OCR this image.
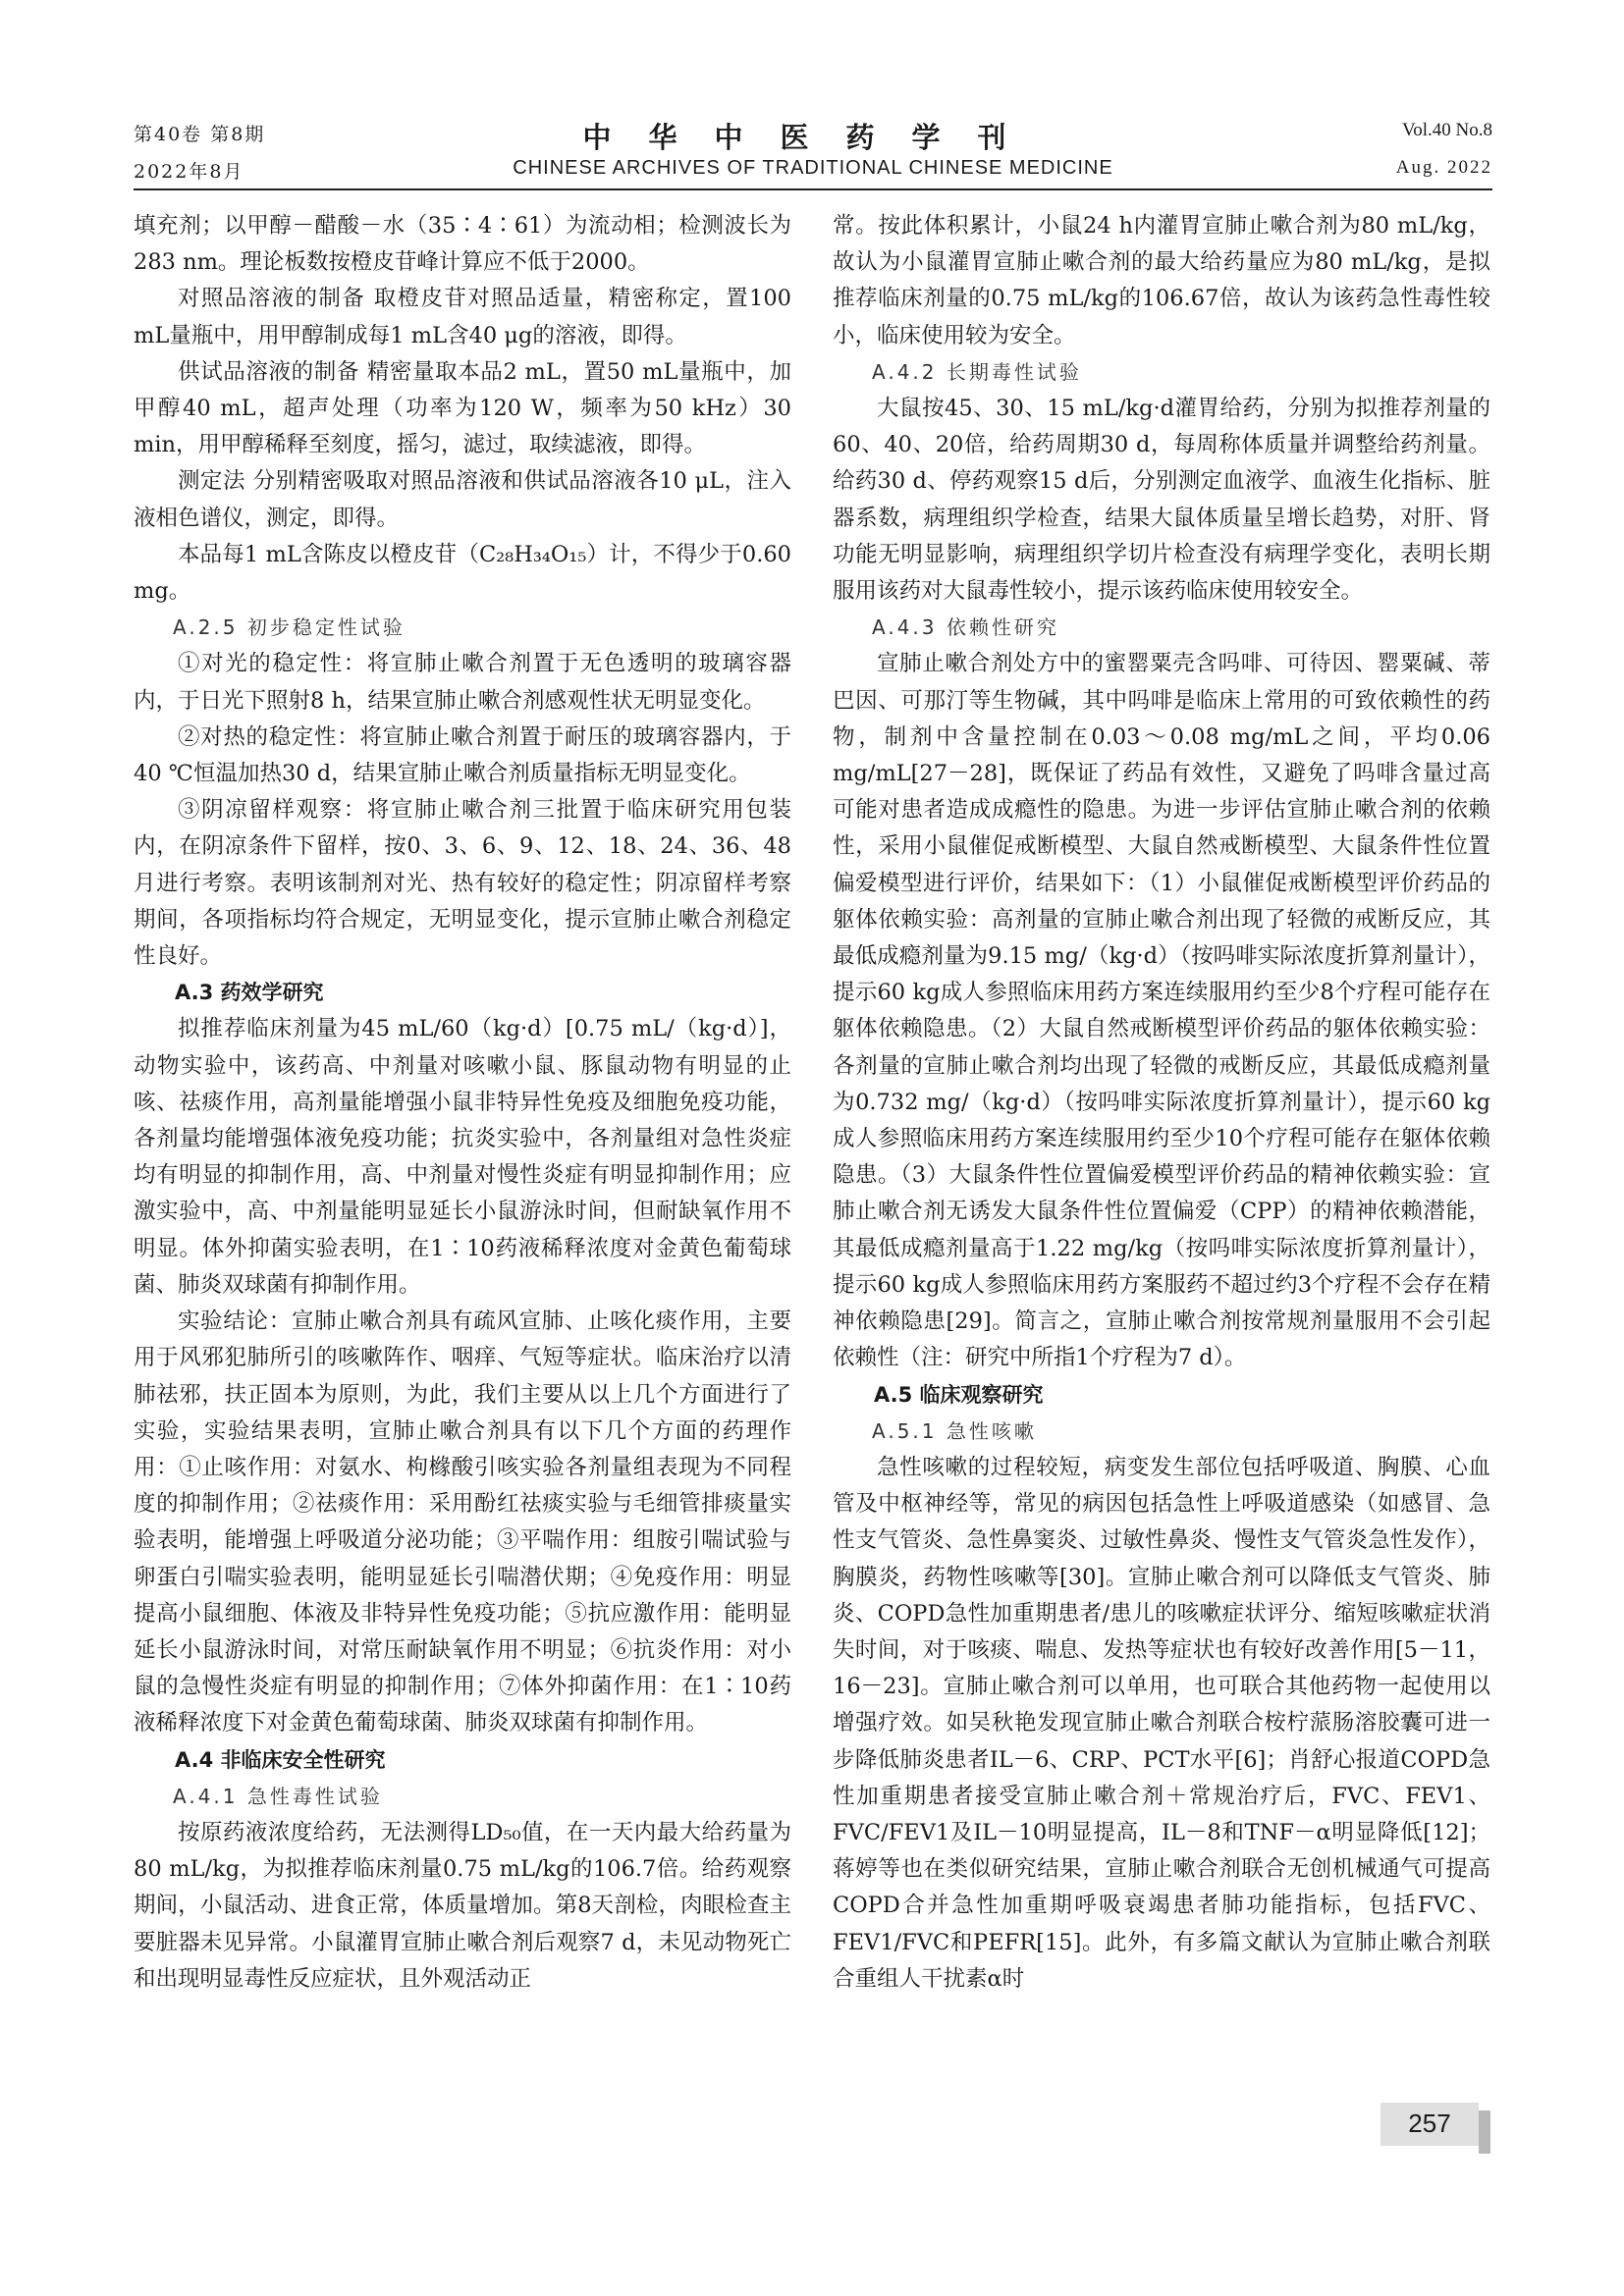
第40卷 第8期
2022年8月
中华中医药学刊
CHINESE ARCHIVES OF TRADITIONAL CHINESE MEDICINE
Vol.40 No.8
Aug. 2022

填充剂；以甲醇－醋酸－水（35∶4∶61）为流动相；检测波长为283 nm。理论板数按橙皮苷峰计算应不低于2000。

对照品溶液的制备 取橙皮苷对照品适量，精密称定，置100 mL量瓶中，用甲醇制成每1 mL含40 μg的溶液，即得。

供试品溶液的制备 精密量取本品2 mL，置50 mL量瓶中，加甲醇40 mL，超声处理（功率为120 W，频率为50 kHz）30 min，用甲醇稀释至刻度，摇匀，滤过，取续滤液，即得。

测定法 分别精密吸取对照品溶液和供试品溶液各10 μL，注入液相色谱仪，测定，即得。

本品每1 mL含陈皮以橙皮苷（C₂₈H₃₄O₁₅）计，不得少于0.60 mg。

A.2.5 初步稳定性试验

①对光的稳定性：将宣肺止嗽合剂置于无色透明的玻璃容器内，于日光下照射8 h，结果宣肺止嗽合剂感观性状无明显变化。

②对热的稳定性：将宣肺止嗽合剂置于耐压的玻璃容器内，于40 ℃恒温加热30 d，结果宣肺止嗽合剂质量指标无明显变化。

③阴凉留样观察：将宣肺止嗽合剂三批置于临床研究用包装内，在阴凉条件下留样，按0、3、6、9、12、18、24、36、48月进行考察。表明该制剂对光、热有较好的稳定性；阴凉留样考察期间，各项指标均符合规定，无明显变化，提示宣肺止嗽合剂稳定性良好。

A.3 药效学研究

拟推荐临床剂量为45 mL/60（kg·d）[0.75 mL/（kg·d）]，动物实验中，该药高、中剂量对咳嗽小鼠、豚鼠动物有明显的止咳、祛痰作用，高剂量能增强小鼠非特异性免疫及细胞免疫功能，各剂量均能增强体液免疫功能；抗炎实验中，各剂量组对急性炎症均有明显的抑制作用，高、中剂量对慢性炎症有明显抑制作用；应激实验中，高、中剂量能明显延长小鼠游泳时间，但耐缺氧作用不明显。体外抑菌实验表明，在1∶10药液稀释浓度对金黄色葡萄球菌、肺炎双球菌有抑制作用。

实验结论：宣肺止嗽合剂具有疏风宣肺、止咳化痰作用，主要用于风邪犯肺所引的咳嗽阵作、咽痒、气短等症状。临床治疗以清肺祛邪，扶正固本为原则，为此，我们主要从以上几个方面进行了实验，实验结果表明，宣肺止嗽合剂具有以下几个方面的药理作用：①止咳作用：对氨水、枸橼酸引咳实验各剂量组表现为不同程度的抑制作用；②祛痰作用：采用酚红祛痰实验与毛细管排痰量实验表明，能增强上呼吸道分泌功能；③平喘作用：组胺引喘试验与卵蛋白引喘实验表明，能明显延长引喘潜伏期；④免疫作用：明显提高小鼠细胞、体液及非特异性免疫功能；⑤抗应激作用：能明显延长小鼠游泳时间，对常压耐缺氧作用不明显；⑥抗炎作用：对小鼠的急慢性炎症有明显的抑制作用；⑦体外抑菌作用：在1∶10药液稀释浓度下对金黄色葡萄球菌、肺炎双球菌有抑制作用。

A.4 非临床安全性研究

A.4.1 急性毒性试验

按原药液浓度给药，无法测得LD₅₀值，在一天内最大给药量为80 mL/kg，为拟推荐临床剂量0.75 mL/kg的106.7倍。给药观察期间，小鼠活动、进食正常，体质量增加。第8天剖检，肉眼检查主要脏器未见异常。小鼠灌胃宣肺止嗽合剂后观察7 d，未见动物死亡和出现明显毒性反应症状，且外观活动正

常。按此体积累计，小鼠24 h内灌胃宣肺止嗽合剂为80 mL/kg，故认为小鼠灌胃宣肺止嗽合剂的最大给药量应为80 mL/kg，是拟推荐临床剂量的0.75 mL/kg的106.67倍，故认为该药急性毒性较小，临床使用较为安全。

A.4.2 长期毒性试验

大鼠按45、30、15 mL/kg·d灌胃给药，分别为拟推荐剂量的60、40、20倍，给药周期30 d，每周称体质量并调整给药剂量。给药30 d、停药观察15 d后，分别测定血液学、血液生化指标、脏器系数，病理组织学检查，结果大鼠体质量呈增长趋势，对肝、肾功能无明显影响，病理组织学切片检查没有病理学变化，表明长期服用该药对大鼠毒性较小，提示该药临床使用较安全。

A.4.3 依赖性研究

宣肺止嗽合剂处方中的蜜罂粟壳含吗啡、可待因、罂粟碱、蒂巴因、可那汀等生物碱，其中吗啡是临床上常用的可致依赖性的药物，制剂中含量控制在0.03～0.08 mg/mL之间，平均0.06 mg/mL[27－28]，既保证了药品有效性，又避免了吗啡含量过高可能对患者造成成瘾性的隐患。为进一步评估宣肺止嗽合剂的依赖性，采用小鼠催促戒断模型、大鼠自然戒断模型、大鼠条件性位置偏爱模型进行评价，结果如下：（1）小鼠催促戒断模型评价药品的躯体依赖实验：高剂量的宣肺止嗽合剂出现了轻微的戒断反应，其最低成瘾剂量为9.15 mg/（kg·d）（按吗啡实际浓度折算剂量计），提示60 kg成人参照临床用药方案连续服用约至少8个疗程可能存在躯体依赖隐患。（2）大鼠自然戒断模型评价药品的躯体依赖实验：各剂量的宣肺止嗽合剂均出现了轻微的戒断反应，其最低成瘾剂量为0.732 mg/（kg·d）（按吗啡实际浓度折算剂量计），提示60 kg成人参照临床用药方案连续服用约至少10个疗程可能存在躯体依赖隐患。（3）大鼠条件性位置偏爱模型评价药品的精神依赖实验：宣肺止嗽合剂无诱发大鼠条件性位置偏爱（CPP）的精神依赖潜能，其最低成瘾剂量高于1.22 mg/kg（按吗啡实际浓度折算剂量计），提示60 kg成人参照临床用药方案服药不超过约3个疗程不会存在精神依赖隐患[29]。简言之，宣肺止嗽合剂按常规剂量服用不会引起依赖性（注：研究中所指1个疗程为7 d）。

A.5 临床观察研究

A.5.1 急性咳嗽

急性咳嗽的过程较短，病变发生部位包括呼吸道、胸膜、心血管及中枢神经等，常见的病因包括急性上呼吸道感染（如感冒、急性支气管炎、急性鼻窦炎、过敏性鼻炎、慢性支气管炎急性发作），胸膜炎，药物性咳嗽等[30]。宣肺止嗽合剂可以降低支气管炎、肺炎、COPD急性加重期患者/患儿的咳嗽症状评分、缩短咳嗽症状消失时间，对于咳痰、喘息、发热等症状也有较好改善作用[5－11，16－23]。宣肺止嗽合剂可以单用，也可联合其他药物一起使用以增强疗效。如吴秋艳发现宣肺止嗽合剂联合桉柠蒎肠溶胶囊可进一步降低肺炎患者IL－6、CRP、PCT水平[6]；肖舒心报道COPD急性加重期患者接受宣肺止嗽合剂＋常规治疗后，FVC、FEV1、FVC/FEV1及IL－10明显提高，IL－8和TNF－α明显降低[12]；蒋婷等也在类似研究结果，宣肺止嗽合剂联合无创机械通气可提高COPD合并急性加重期呼吸衰竭患者肺功能指标，包括FVC、FEV1/FVC和PEFR[15]。此外，有多篇文献认为宣肺止嗽合剂联合重组人干扰素α时

257
